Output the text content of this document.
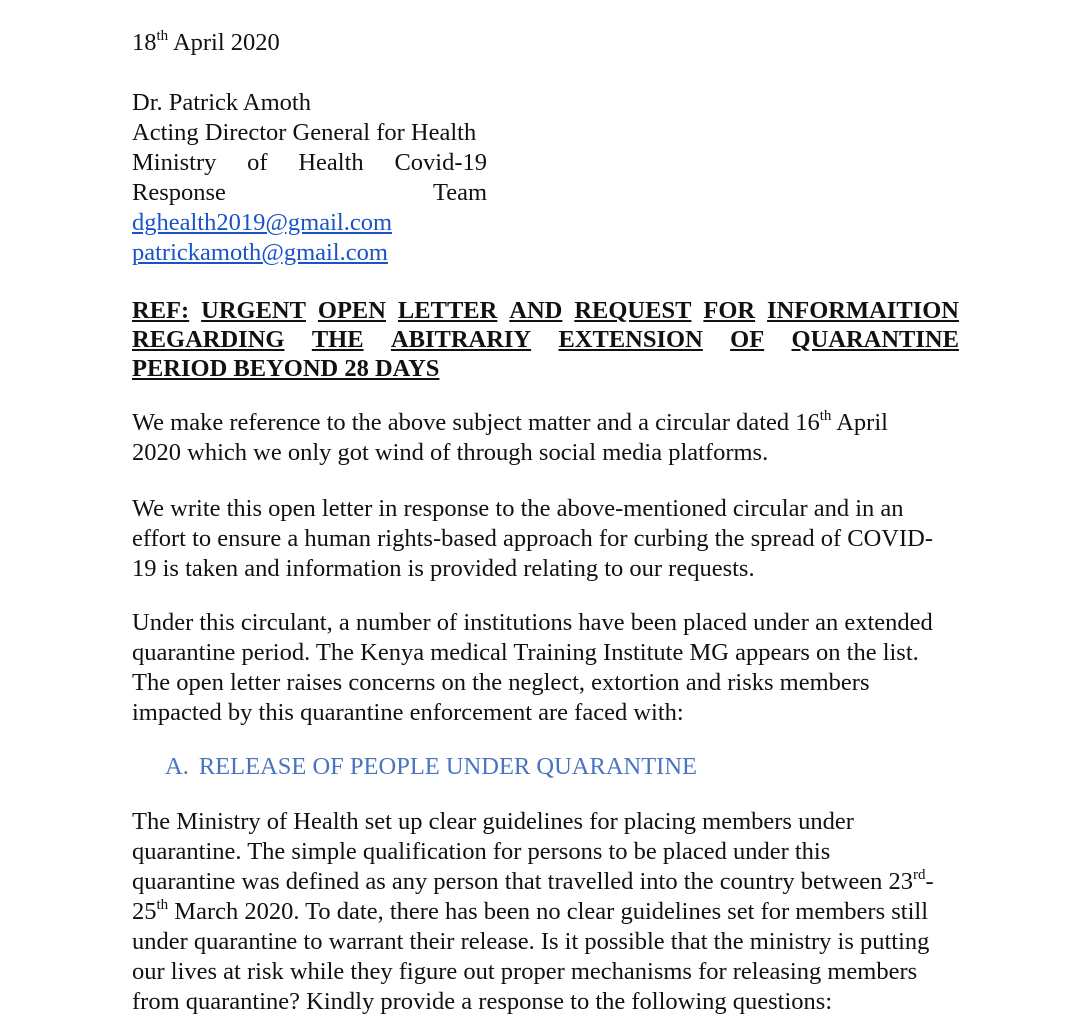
18th April 2020
Dr. Patrick Amoth
Acting Director General for Health
Ministry of Health Covid-19
Response	Team
dghealth2019@gmail.com
patrickamoth@gmail.com
REF: URGENT OPEN LETTER AND REQUEST FOR INFORMAITION
REGARDING THE ABITRARIY EXTENSION OF QUARANTINE
PERIOD BEYOND 28 DAYS
We make reference to the above subject matter and a circular dated 16th April
2020 which we only got wind of through social media platforms.
We write this open letter in response to the above-mentioned circular and in an
effort to ensure a human rights-based approach for curbing the spread of COVID-
19 is taken and information is provided relating to our requests.
Under this circulant, a number of institutions have been placed under an extended
quarantine period. The Kenya medical Training Institute MG appears on the list.
The open letter raises concerns on the neglect, extortion and risks members
impacted by this quarantine enforcement are faced with:
A. RELEASE OF PEOPLE UNDER QUARANTINE
The Ministry of Health set up clear guidelines for placing members under
quarantine. The simple qualification for persons to be placed under this
quarantine was defined as any person that travelled into the country between 23rd-
25th March 2020. To date, there has been no clear guidelines set for members still
under quarantine to warrant their release. Is it possible that the ministry is putting
our lives at risk while they figure out proper mechanisms for releasing members
from quarantine? Kindly provide a response to the following questions:
